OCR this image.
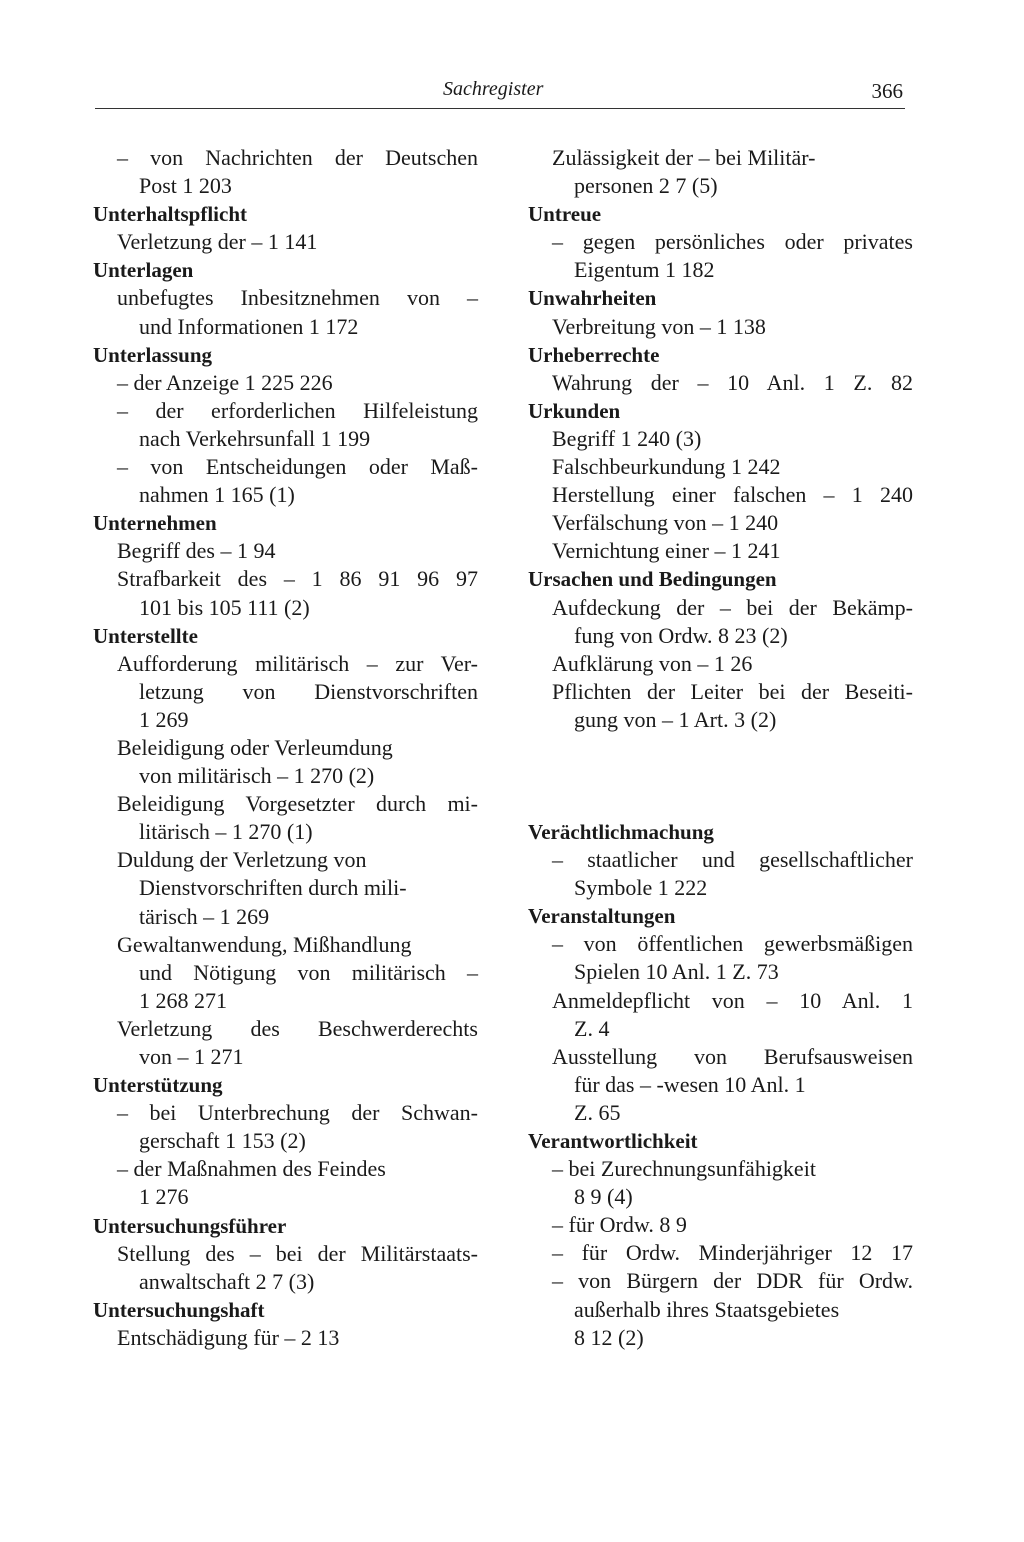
Sachregister	366
– von Nachrichten der Deutschen
Post 1 203
Unterhaltspflicht
Verletzung der – 1 141
Unterlagen
unbefugtes Inbesitznehmen von –
und Informationen 1 172
Unterlassung
– der Anzeige 1 225 226
– der erforderlichen Hilfeleistung
nach Verkehrsunfall 1 199
– von Entscheidungen oder Maß-
nahmen 1 165 (1)
Unternehmen
Begriff des – 1 94
Strafbarkeit des – 1 86 91 96 97
101 bis 105 111 (2)
Unterstellte
Aufforderung militärisch – zur Ver-
letzung von Dienstvorschriften
1 269
Beleidigung oder Verleumdung
von militärisch – 1 270 (2)
Beleidigung Vorgesetzter durch mi-
litärisch – 1 270 (1)
Duldung der Verletzung von
Dienstvorschriften durch mili-
tärisch – 1 269
Gewaltanwendung, Mißhandlung
und Nötigung von militärisch –
1 268 271
Verletzung des Beschwerderechts
von – 1 271
Unterstützung
– bei Unterbrechung der Schwan-
gerschaft 1 153 (2)
– der Maßnahmen des Feindes
1 276
Untersuchungsführer
Stellung des – bei der Militärstaats-
anwaltschaft 2 7 (3)
Untersuchungshaft
Entschädigung für – 2 13
Zulässigkeit der – bei Militär-
personen 2 7 (5)
Untreue
– gegen persönliches oder privates
Eigentum 1 182
Unwahrheiten
Verbreitung von – 1 138
Urheberrechte
Wahrung der – 10 Anl. 1 Z. 82
Urkunden
Begriff 1 240 (3)
Falschbeurkundung 1 242
Herstellung einer falschen – 1 240
Verfälschung von – 1 240
Vernichtung einer – 1 241
Ursachen und Bedingungen
Aufdeckung der – bei der Bekämp-
fung von Ordw. 8 23 (2)
Aufklärung von – 1 26
Pflichten der Leiter bei der Beseiti-
gung von – 1 Art. 3 (2)
Verächtlichmachung
– staatlicher und gesellschaftlicher
Symbole 1 222
Veranstaltungen
– von öffentlichen gewerbsmäßigen
Spielen 10 Anl. 1 Z. 73
Anmeldepflicht von – 10 Anl. 1
Z. 4
Ausstellung von Berufsausweisen
für das – -wesen 10 Anl. 1
Z. 65
Verantwortlichkeit
– bei Zurechnungsunfähigkeit
8 9 (4)
– für Ordw. 8 9
– für Ordw. Minderjähriger 12 17
– von Bürgern der DDR für Ordw.
außerhalb ihres Staatsgebietes
8 12 (2)
